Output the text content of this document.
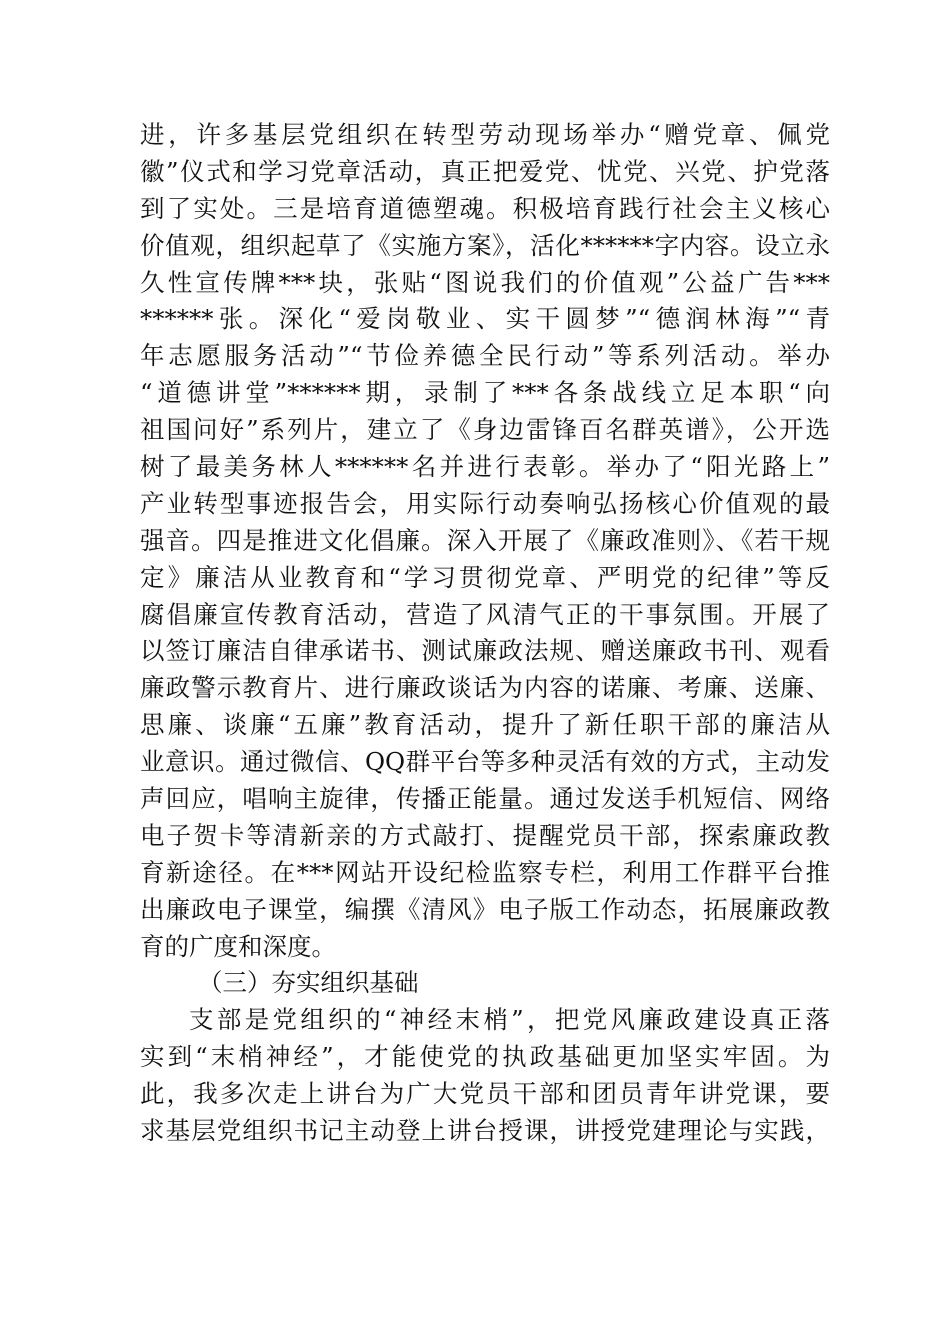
进，许多基层党组织在转型劳动现场举办“赠党章、佩党
徽”仪式和学习党章活动，真正把爱党、忧党、兴党、护党落
到了实处。三是培育道德塑魂。积极培育践行社会主义核心
价值观，组织起草了《实施方案》，活化******字内容。设立永
久性宣传牌***块，张贴“图说我们的价值观”公益广告***
******张。深化“爱岗敬业、实干圆梦”“德润林海”“青
年志愿服务活动”“节俭养德全民行动”等系列活动。举办
“道德讲堂”******期，录制了***各条战线立足本职“向
祖国问好”系列片，建立了《身边雷锋百名群英谱》，公开选
树了最美务林人******名并进行表彰。举办了“阳光路上”
产业转型事迹报告会，用实际行动奏响弘扬核心价值观的最
强音。四是推进文化倡廉。深入开展了《廉政准则》、《若干规
定》廉洁从业教育和“学习贯彻党章、严明党的纪律”等反
腐倡廉宣传教育活动，营造了风清气正的干事氛围。开展了
以签订廉洁自律承诺书、测试廉政法规、赠送廉政书刊、观看
廉政警示教育片、进行廉政谈话为内容的诺廉、考廉、送廉、
思廉、谈廉“五廉”教育活动，提升了新任职干部的廉洁从
业意识。通过微信、QQ群平台等多种灵活有效的方式，主动发
声回应，唱响主旋律，传播正能量。通过发送手机短信、网络
电子贺卡等清新亲的方式敲打、提醒党员干部，探索廉政教
育新途径。在***网站开设纪检监察专栏，利用工作群平台推
出廉政电子课堂，编撰《清风》电子版工作动态，拓展廉政教
育的广度和深度。
（三）夯实组织基础
支部是党组织的“神经末梢”，把党风廉政建设真正落
实到“末梢神经”，才能使党的执政基础更加坚实牢固。为
此，我多次走上讲台为广大党员干部和团员青年讲党课，要
求基层党组织书记主动登上讲台授课，讲授党建理论与实践，
